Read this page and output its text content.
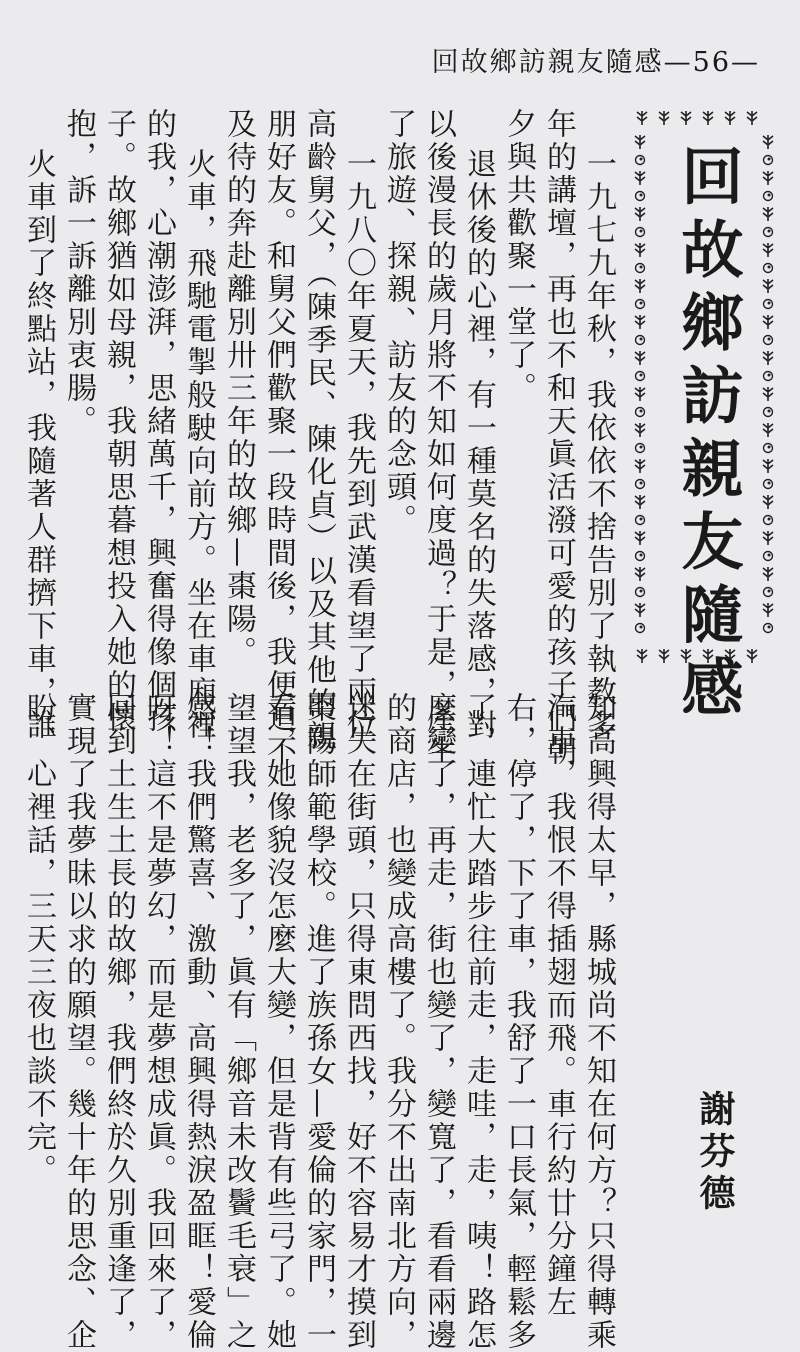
回故鄉訪親友隨感—56—
回故鄉訪親友隨感
一九七九年秋，我依依不捨告別了執教多
年的講壇，再也不和天眞活潑可愛的孩子們朝
夕與共歡聚一堂了。
退休後的心裡，有一種莫名的失落感，對
以後漫長的歲月將不知如何度過？于是，產生
了旅遊、探親、訪友的念頭。
一九八〇年夏天，我先到武漢看望了兩位
高齡舅父，（陳季民、陳化貞）以及其他的親
朋好友。和舅父們歡聚一段時間後，我便迫不
及待的奔赴離別卅三年的故鄉—棗陽。
火車，飛馳電掣般駛向前方。坐在車廂裡
的我，心潮澎湃，思緒萬千，興奮得像個孩
子。故鄉猶如母親，我朝思暮想投入她的懷
抱，訴一訴離別衷腸。
火車到了終點站，我隨著人群擠下車，誰
知高興得太早，縣城尚不知在何方？只得轉乘
汽車，我恨不得插翅而飛。車行約廿分鐘左
右，停了，下了車，我舒了一口長氣，輕鬆多
了，連忙大踏步往前走，走哇，走，咦！路怎
麼變了，再走，街也變了，變寬了，看看兩邊
的商店，也變成高樓了。我分不出南北方向，
迷失在街頭，只得東問西找，好不容易才摸到
棗陽師範學校。進了族孫女—愛倫的家門，一
看，她像貌沒怎麼大變，但是背有些弓了。她
望望我，老多了，眞有「鄉音未改鬢毛衰」之
感！我們驚喜、激動、高興得熱淚盈眶！愛倫
呀！這不是夢幻，而是夢想成眞。我回來了，
回到土生土長的故鄉，我們終於久別重逢了，
實現了我夢昧以求的願望。幾十年的思念、企
盼、心裡話，三天三夜也談不完。	謝芬德
